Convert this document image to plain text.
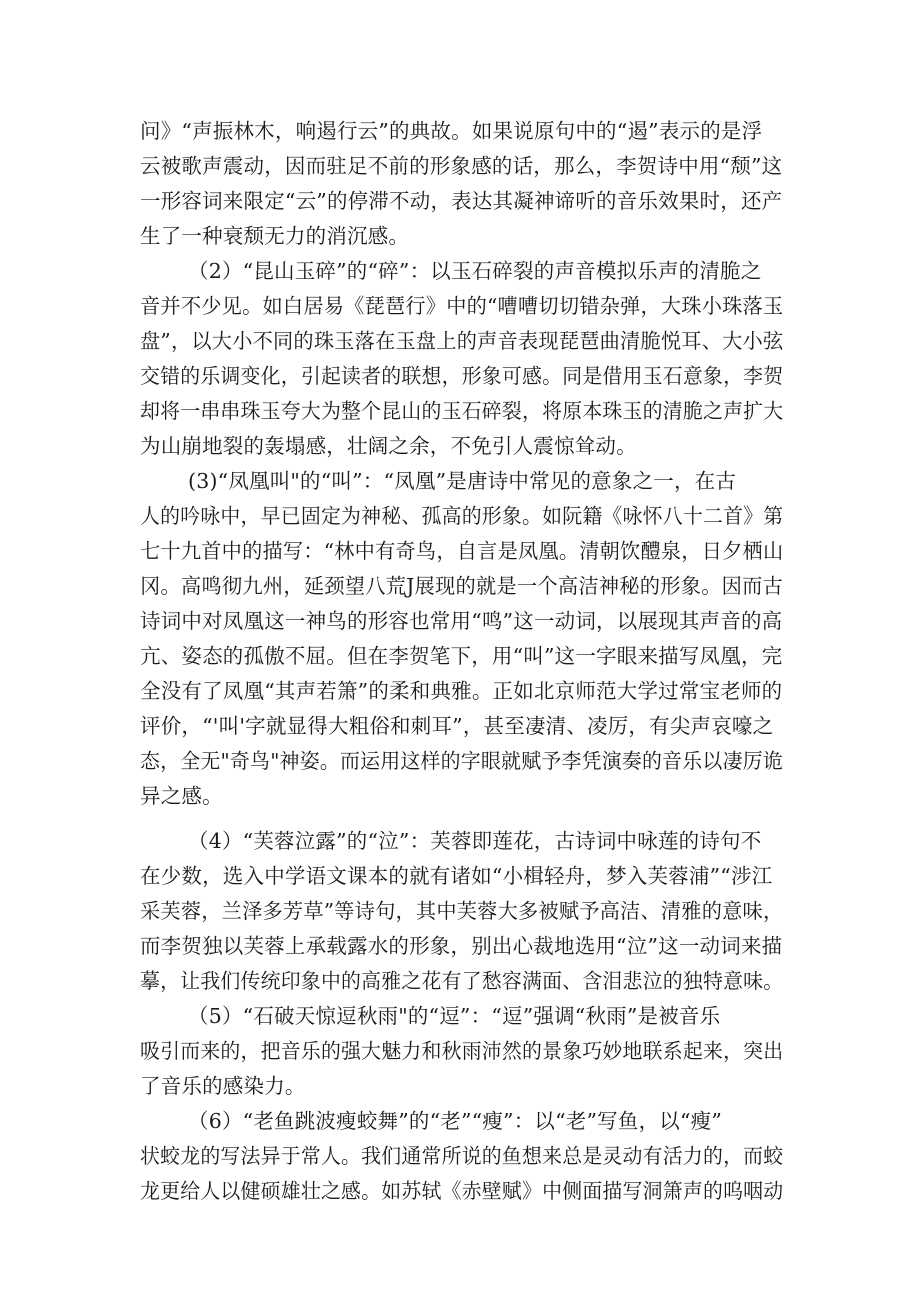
问》“声振林木，响遏行云”的典故。如果说原句中的“遏”表示的是浮
云被歌声震动，因而驻足不前的形象感的话，那么，李贺诗中用“颓”这
一形容词来限定“云”的停滞不动，表达其凝神谛听的音乐效果时，还产
生了一种衰颓无力的消沉感。
（2）“昆山玉碎”的“碎”：以玉石碎裂的声音模拟乐声的清脆之
音并不少见。如白居易《琵琶行》中的“嘈嘈切切错杂弹，大珠小珠落玉
盘”，以大小不同的珠玉落在玉盘上的声音表现琵琶曲清脆悦耳、大小弦
交错的乐调变化，引起读者的联想，形象可感。同是借用玉石意象，李贺
却将一串串珠玉夸大为整个昆山的玉石碎裂，将原本珠玉的清脆之声扩大
为山崩地裂的轰塌感，壮阔之余，不免引人震惊耸动。
(3)“凤凰叫"的“叫”：“凤凰”是唐诗中常见的意象之一，在古
人的吟咏中，早已固定为神秘、孤高的形象。如阮籍《咏怀八十二首》第
七十九首中的描写：“林中有奇鸟，自言是凤凰。清朝饮醴泉，日夕栖山
冈。高鸣彻九州，延颈望八荒J展现的就是一个高洁神秘的形象。因而古
诗词中对凤凰这一神鸟的形容也常用“鸣”这一动词，以展现其声音的高
亢、姿态的孤傲不屈。但在李贺笔下，用“叫”这一字眼来描写凤凰，完
全没有了凤凰“其声若箫”的柔和典雅。正如北京师范大学过常宝老师的
评价，“'叫'字就显得大粗俗和刺耳”，甚至凄清、凌厉，有尖声哀嚎之
态，全无"奇鸟"神姿。而运用这样的字眼就赋予李凭演奏的音乐以凄厉诡
异之感。
（4）“芙蓉泣露”的“泣”：芙蓉即莲花，古诗词中咏莲的诗句不
在少数，选入中学语文课本的就有诸如“小楫轻舟，梦入芙蓉浦”“涉江
采芙蓉，兰泽多芳草”等诗句，其中芙蓉大多被赋予高洁、清雅的意味，
而李贺独以芙蓉上承载露水的形象，别出心裁地选用“泣”这一动词来描
摹，让我们传统印象中的高雅之花有了愁容满面、含泪悲泣的独特意味。
（5）“石破天惊逗秋雨"的“逗”：“逗”强调“秋雨”是被音乐
吸引而来的，把音乐的强大魅力和秋雨沛然的景象巧妙地联系起来，突出
了音乐的感染力。
（6）“老鱼跳波瘦蛟舞”的“老”“瘦”：以“老”写鱼，以“瘦”
状蛟龙的写法异于常人。我们通常所说的鱼想来总是灵动有活力的，而蛟
龙更给人以健硕雄壮之感。如苏轼《赤壁赋》中侧面描写洞箫声的呜咽动
